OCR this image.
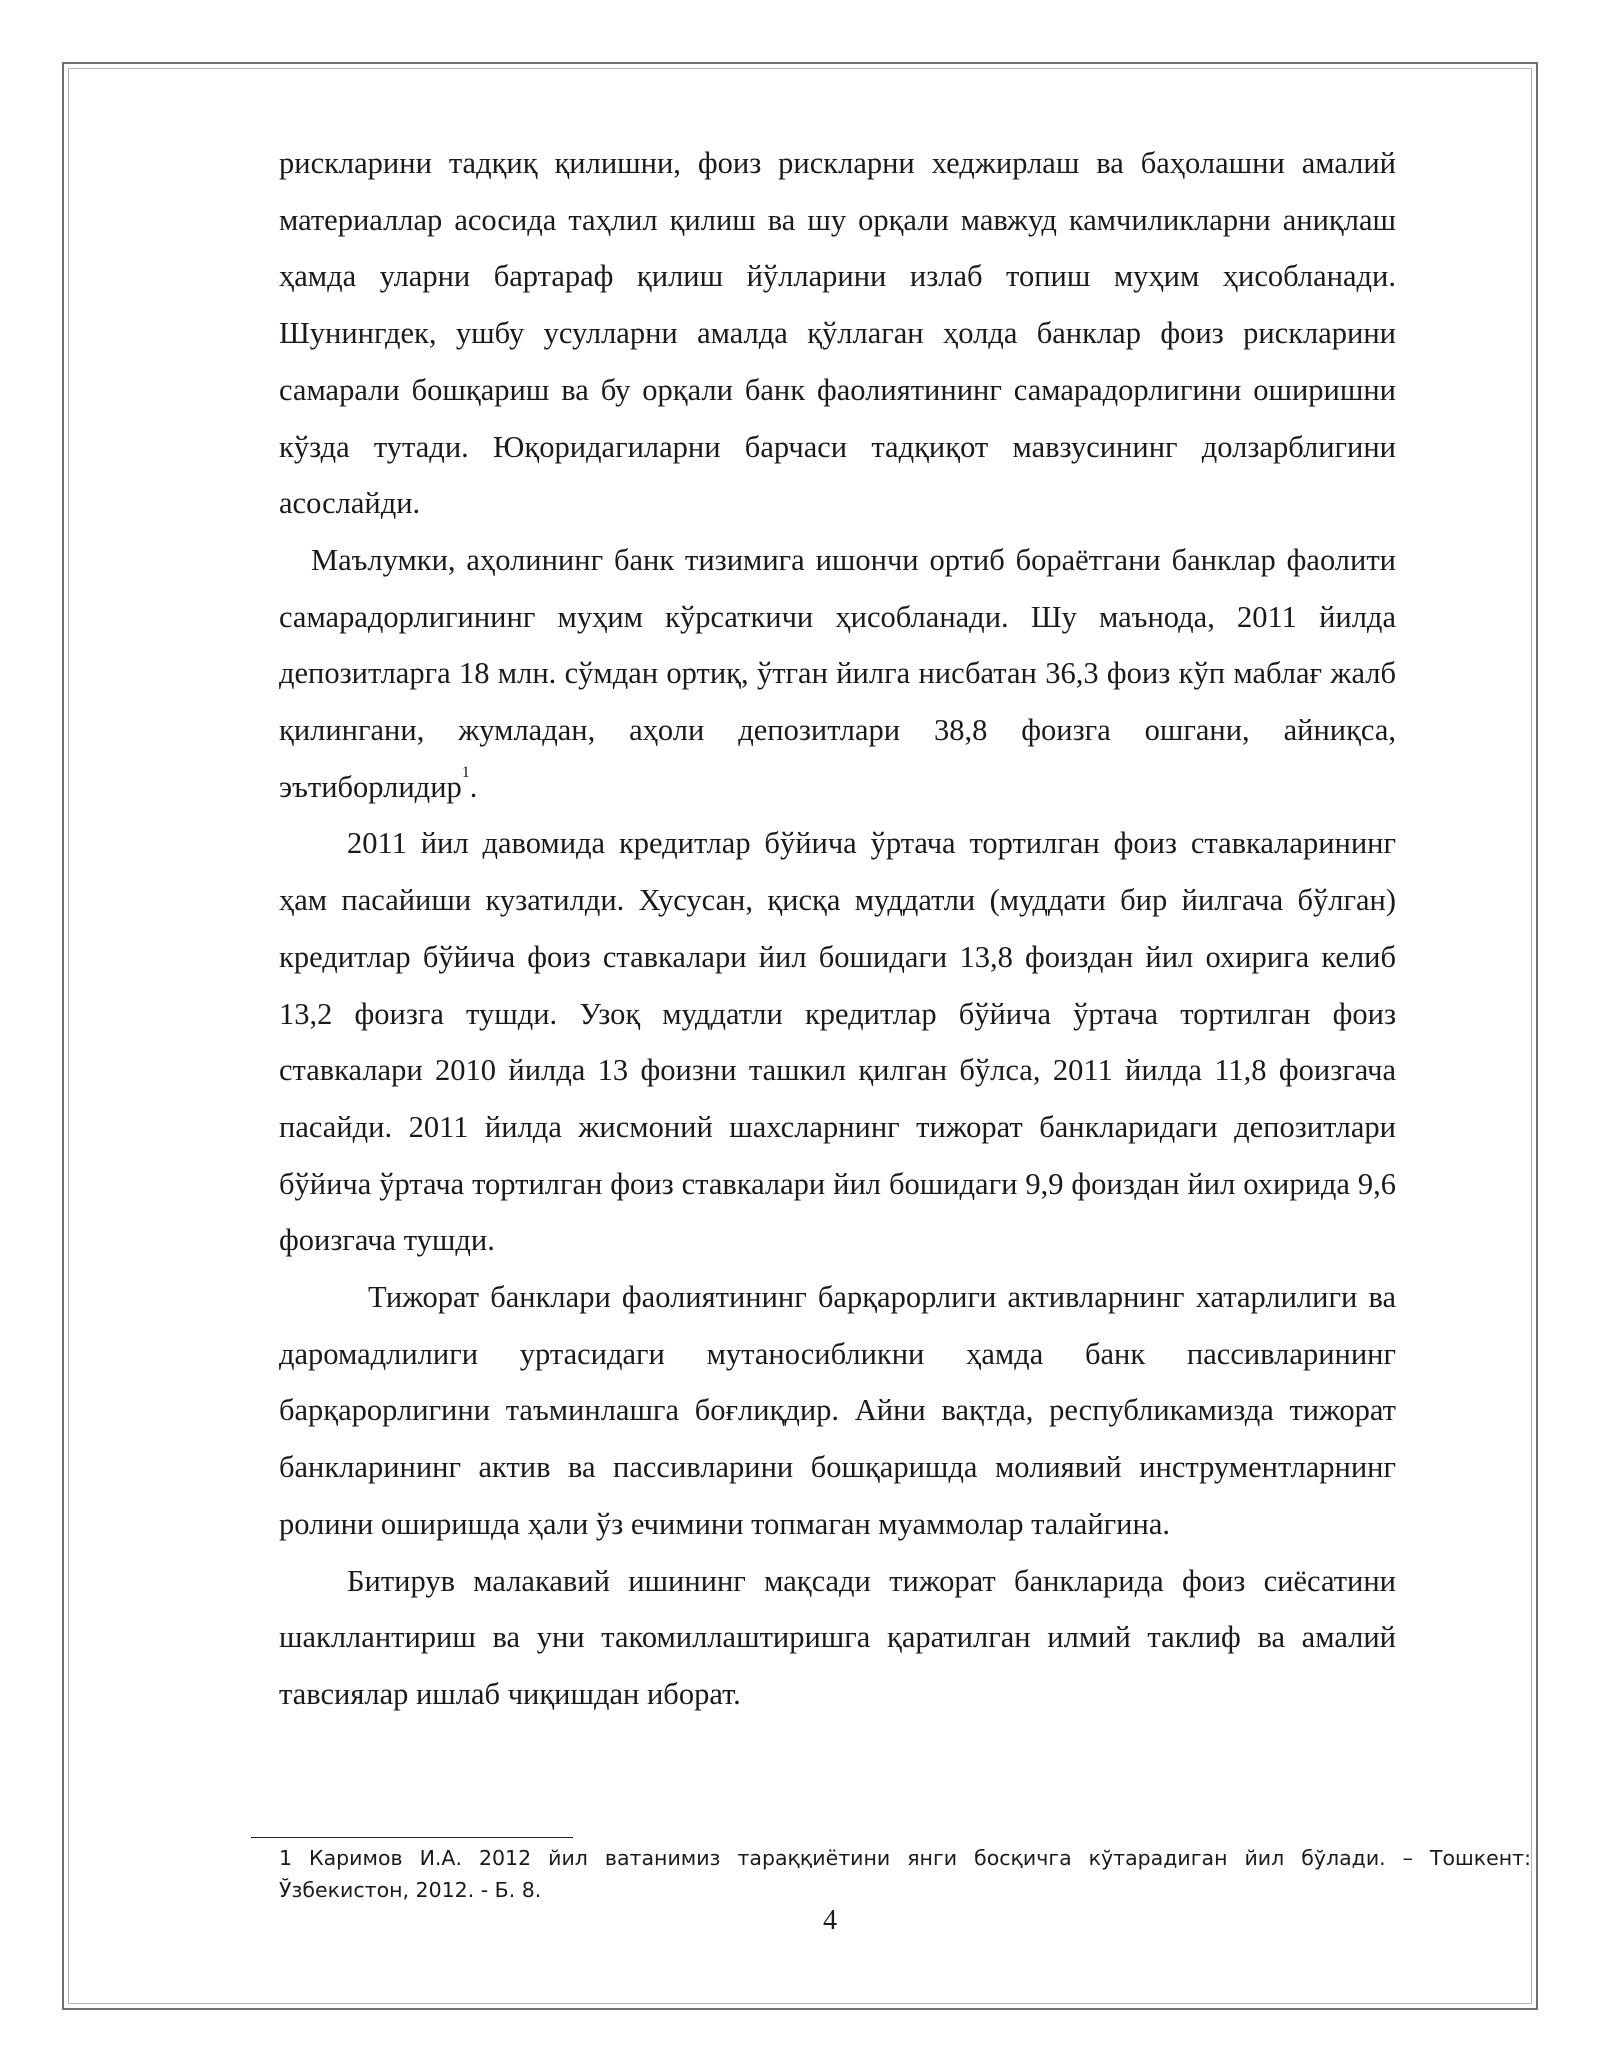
рискларини тадқиқ қилишни, фоиз рискларни хеджирлаш ва баҳолашни амалий материаллар асосида таҳлил қилиш ва шу орқали мавжуд камчиликларни аниқлаш ҳамда уларни бартараф қилиш йўлларини излаб топиш муҳим ҳисобланади. Шунингдек, ушбу усулларни амалда қўллаган ҳолда банклар фоиз рискларини самарали бошқариш ва бу орқали банк фаолиятининг самарадорлигини оширишни кўзда тутади. Юқоридагиларни барчаси тадқиқот мавзусининг долзарблигини асослайди.

Маълумки, аҳолининг банк тизимига ишончи ортиб бораётгани банклар фаолити самарадорлигининг муҳим кўрсаткичи ҳисобланади. Шу маънода, 2011 йилда депозитларга 18 млн. сўмдан ортиқ, ўтган йилга нисбатан 36,3 фоиз кўп маблағ жалб қилингани, жумладан, аҳоли депозитлари 38,8 фоизга ошгани, айниқса, эътиборлидир$^1$.

2011 йил давомида кредитлар бўйича ўртача тортилган фоиз ставкаларининг ҳам пасайиши кузатилди. Хусусан, қисқа муддатли (муддати бир йилгача бўлган) кредитлар бўйича фоиз ставкалари йил бошидаги 13,8 фоиздан йил охирига келиб 13,2 фоизга тушди. Узоқ муддатли кредитлар бўйича ўртача тортилган фоиз ставкалари 2010 йилда 13 фоизни ташкил қилган бўлса, 2011 йилда 11,8 фоизгача пасайди. 2011 йилда жисмоний шахсларнинг тижорат банкларидаги депозитлари бўйича ўртача тортилган фоиз ставкалари йил бошидаги 9,9 фоиздан йил охирида 9,6 фоизгача тушди.

Тижорат банклари фаолиятининг барқарорлиги активларнинг хатарлилиги ва даромадлилиги уртасидаги мутаносибликни ҳамда банк пассивларининг барқарорлигини таъминлашга боғлиқдир. Айни вақтда, республикамизда тижорат банкларининг актив ва пассивларини бошқаришда молиявий инструментларнинг ролини оширишда ҳали ўз ечимини топмаган муаммолар талайгина.

Битирув малакавий ишининг мақсади тижорат банкларида фоиз сиёсатини шакллантириш ва уни такомиллаштиришга қаратилган илмий таклиф ва амалий тавсиялар ишлаб чиқишдан иборат.

1 Каримов И.А. 2012 йил ватанимиз тараққиётини янги босқичга кўтарадиган йил бўлади. – Тошкент: Ўзбекистон, 2012. - Б. 8.
4
